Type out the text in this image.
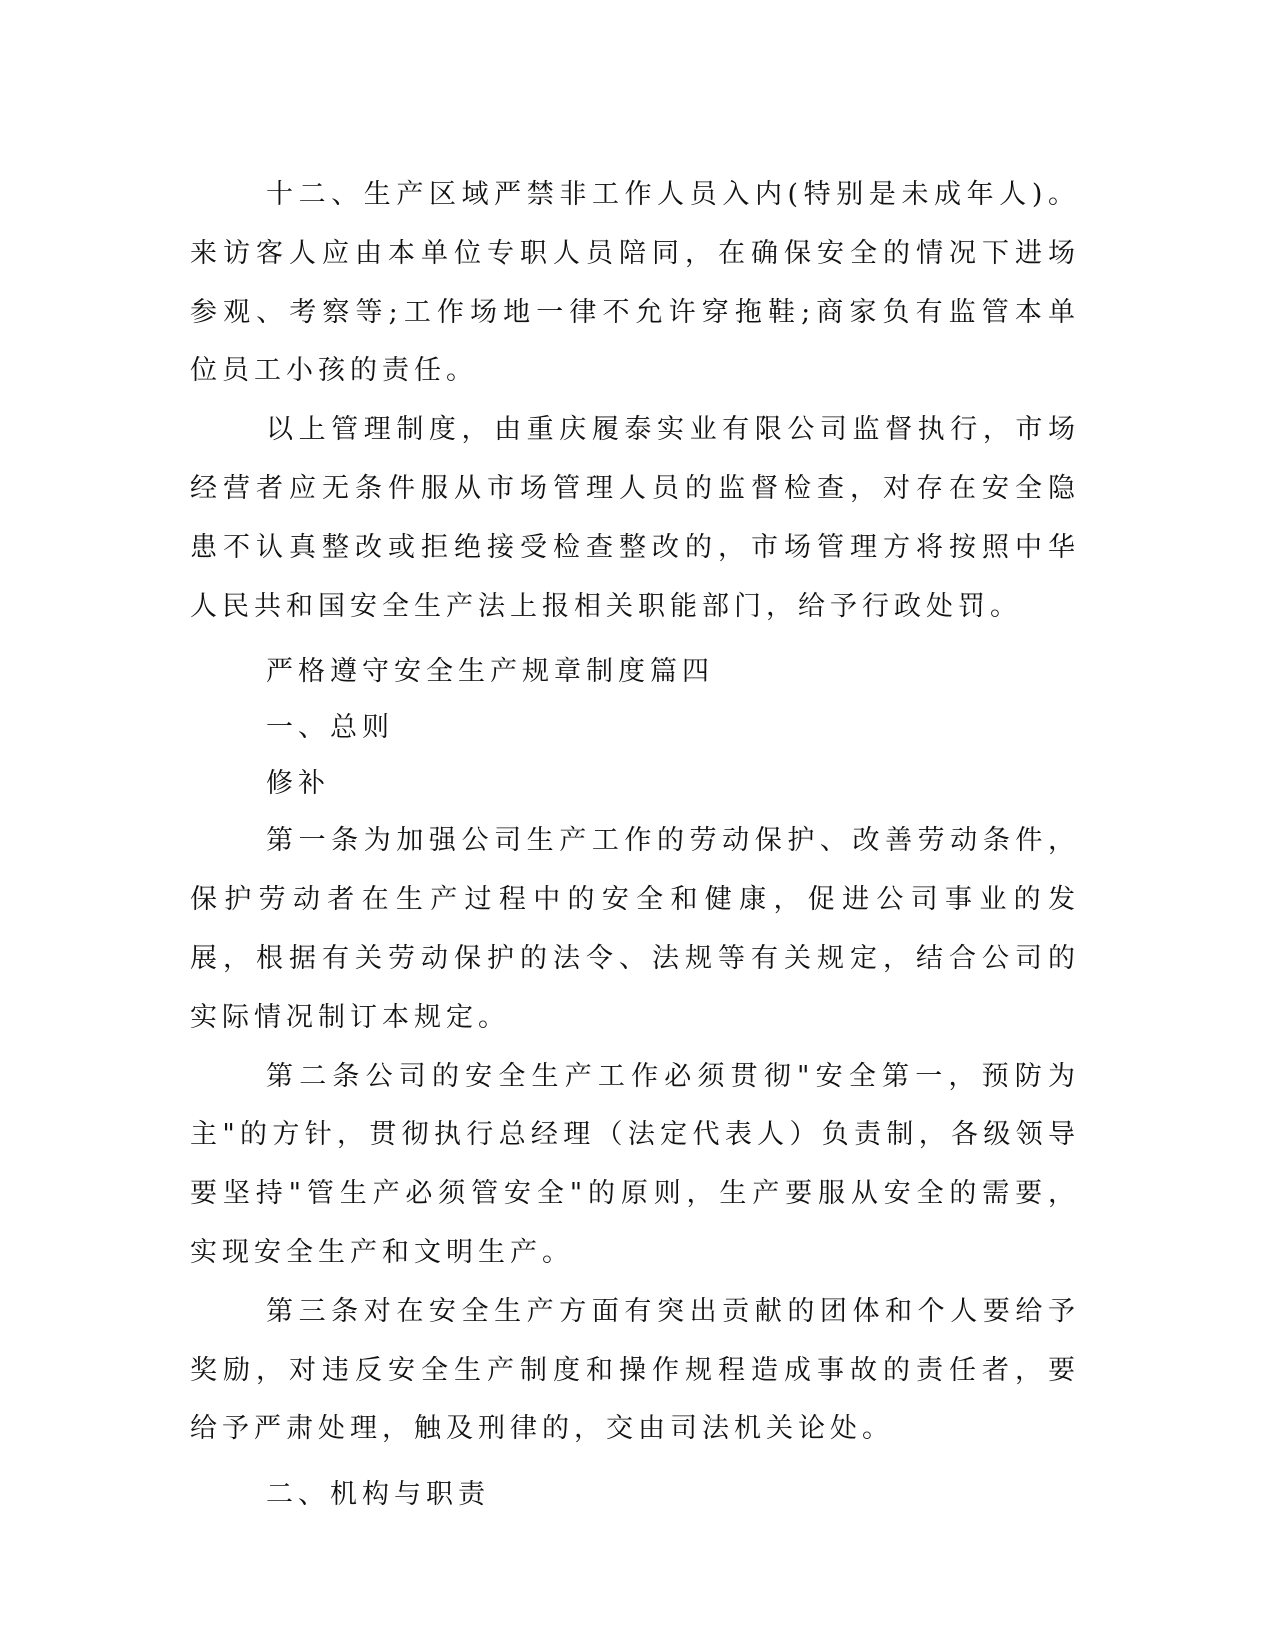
十二、生产区域严禁非工作人员入内(特别是未成年人)。来访客人应由本单位专职人员陪同，在确保安全的情况下进场参观、考察等;工作场地一律不允许穿拖鞋;商家负有监管本单位员工小孩的责任。

以上管理制度，由重庆履泰实业有限公司监督执行，市场经营者应无条件服从市场管理人员的监督检查，对存在安全隐患不认真整改或拒绝接受检查整改的，市场管理方将按照中华人民共和国安全生产法上报相关职能部门，给予行政处罚。

严格遵守安全生产规章制度篇四

一、总则

修补

第一条为加强公司生产工作的劳动保护、改善劳动条件，保护劳动者在生产过程中的安全和健康，促进公司事业的发展，根据有关劳动保护的法令、法规等有关规定，结合公司的实际情况制订本规定。

第二条公司的安全生产工作必须贯彻"安全第一，预防为主"的方针，贯彻执行总经理（法定代表人）负责制，各级领导要坚持"管生产必须管安全"的原则，生产要服从安全的需要，实现安全生产和文明生产。

第三条对在安全生产方面有突出贡献的团体和个人要给予奖励，对违反安全生产制度和操作规程造成事故的责任者，要给予严肃处理，触及刑律的，交由司法机关论处。

二、机构与职责
